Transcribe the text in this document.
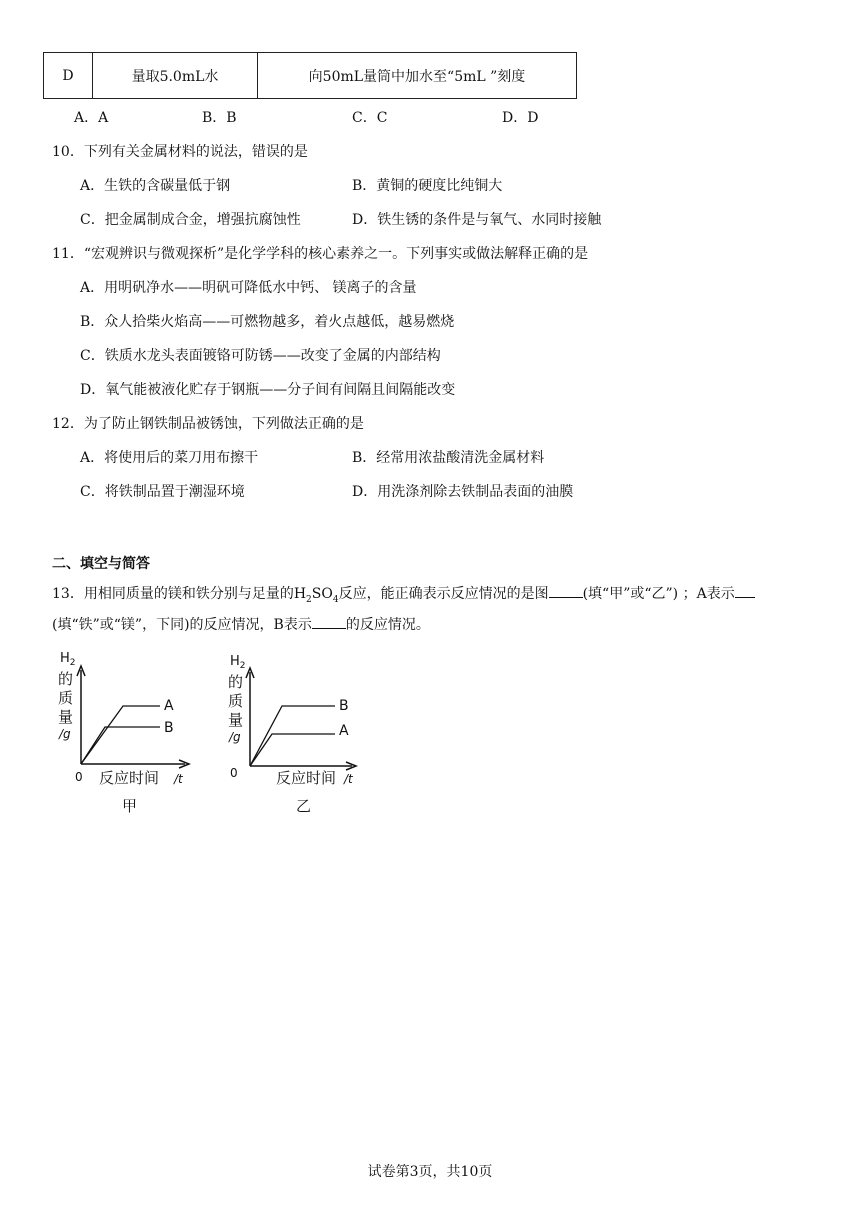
D	量取5.0mL水	向50mL量筒中加水至“5mL ”刻度
A．A	B．B	C．C	D．D
10．下列有关金属材料的说法，错误的是
A．生铁的含碳量低于钢	B．黄铜的硬度比纯铜大
C．把金属制成合金，增强抗腐蚀性	D．铁生锈的条件是与氧气、水同时接触
11．“宏观辨识与微观探析”是化学学科的核心素养之一。下列事实或做法解释正确的是
A．用明矾净水——明矾可降低水中钙、 镁离子的含量
B．众人拾柴火焰高——可燃物越多，着火点越低，越易燃烧
C．铁质水龙头表面镀铬可防锈——改变了金属的内部结构
D．氧气能被液化贮存于钢瓶——分子间有间隔且间隔能改变
12．为了防止钢铁制品被锈蚀，下列做法正确的是
A．将使用后的菜刀用布擦干	B．经常用浓盐酸清洗金属材料
C．将铁制品置于潮湿环境	D．用洗涤剂除去铁制品表面的油膜
二、填空与简答
13．用相同质量的镁和铁分别与足量的$H_2SO_4$反应，能正确表示反应情况的是图 (填“甲”或“乙”) ；A表示
(填“铁”或“镁”，下同)的反应情况，B表示 的反应情况。
$H_2$
的
质
量
/g
A
B
0 反应时间 /t
甲
$H_2$
的
质
量
/g
B
A
0	反应时间 /t
乙
试卷第3页，共10页
